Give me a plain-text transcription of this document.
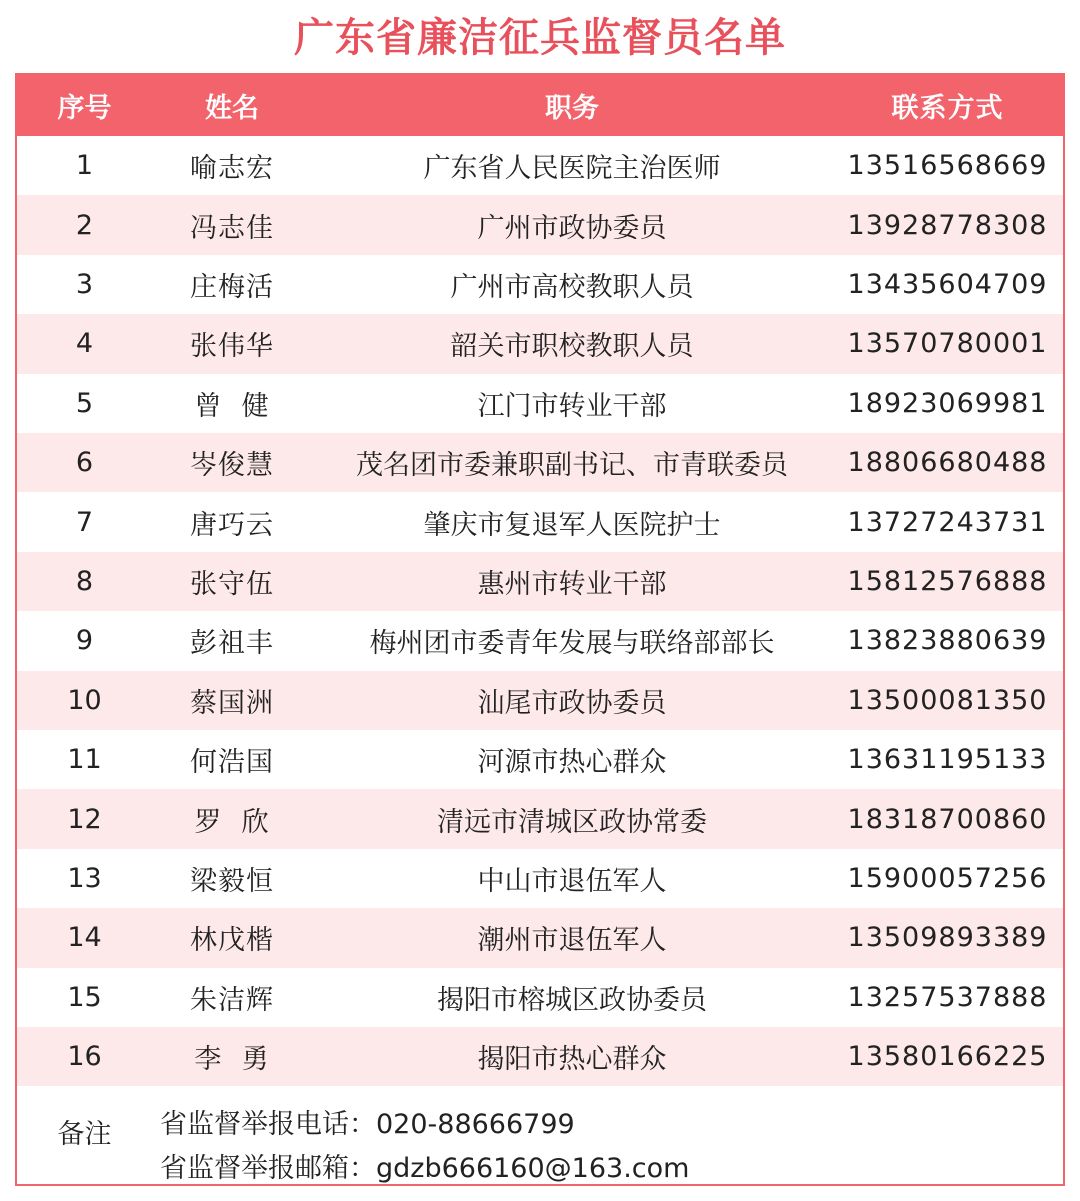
广东省廉洁征兵监督员名单
序号	姓名	职务	联系方式
1	喻志宏	广东省人民医院主治医师	13516568669
2	冯志佳	广州市政协委员	13928778308
3	庄梅活	广州市高校教职人员	13435604709
4	张伟华	韶关市职校教职人员	13570780001
5	曾  健	江门市转业干部	18923069981
6	岑俊慧	茂名团市委兼职副书记、市青联委员	18806680488
7	唐巧云	肇庆市复退军人医院护士	13727243731
8	张守伍	惠州市转业干部	15812576888
9	彭祖丰	梅州团市委青年发展与联络部部长	13823880639
10	蔡国洲	汕尾市政协委员	13500081350
11	何浩国	河源市热心群众	13631195133
12	罗  欣	清远市清城区政协常委	18318700860
13	梁毅恒	中山市退伍军人	15900057256
14	林戊楷	潮州市退伍军人	13509893389
15	朱洁辉	揭阳市榕城区政协委员	13257537888
16	李  勇	揭阳市热心群众	13580166225
备注	省监督举报电话：020-88666799
省监督举报邮箱：gdzb666160@163.com
